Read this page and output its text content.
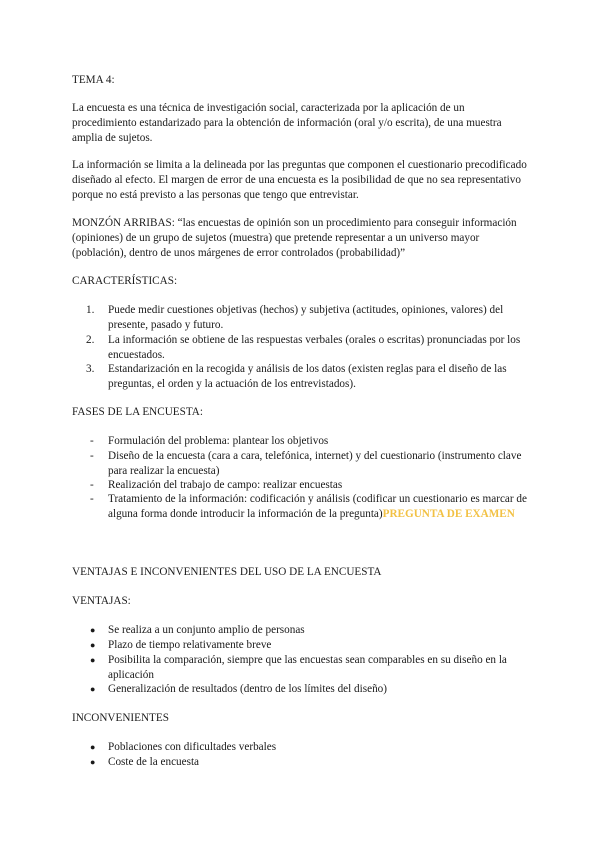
TEMA 4:

La encuesta es una técnica de investigación social, caracterizada por la aplicación de un procedimiento estandarizado para la obtención de información (oral y/o escrita), de una muestra amplia de sujetos.

La información se limita a la delineada por las preguntas que componen el cuestionario precodificado diseñado al efecto. El margen de error de una encuesta es la posibilidad de que no sea representativo porque no está previsto a las personas que tengo que entrevistar.

MONZÓN ARRIBAS: “las encuestas de opinión son un procedimiento para conseguir información (opiniones) de un grupo de sujetos (muestra) que pretende representar a un universo mayor (población), dentro de unos márgenes de error controlados (probabilidad)”

CARACTERÍSTICAS:

1. Puede medir cuestiones objetivas (hechos) y subjetiva (actitudes, opiniones, valores) del presente, pasado y futuro.
2. La información se obtiene de las respuestas verbales (orales o escritas) pronunciadas por los encuestados.
3. Estandarización en la recogida y análisis de los datos (existen reglas para el diseño de las preguntas, el orden y la actuación de los entrevistados).

FASES DE LA ENCUESTA:

- Formulación del problema: plantear los objetivos
- Diseño de la encuesta (cara a cara, telefónica, internet) y del cuestionario (instrumento clave para realizar la encuesta)
- Realización del trabajo de campo: realizar encuestas
- Tratamiento de la información: codificación y análisis (codificar un cuestionario es marcar de alguna forma donde introducir la información de la pregunta)PREGUNTA DE EXAMEN

VENTAJAS E INCONVENIENTES DEL USO DE LA ENCUESTA

VENTAJAS:

● Se realiza a un conjunto amplio de personas
● Plazo de tiempo relativamente breve
● Posibilita la comparación, siempre que las encuestas sean comparables en su diseño en la aplicación
● Generalización de resultados (dentro de los límites del diseño)

INCONVENIENTES

● Poblaciones con dificultades verbales
● Coste de la encuesta
